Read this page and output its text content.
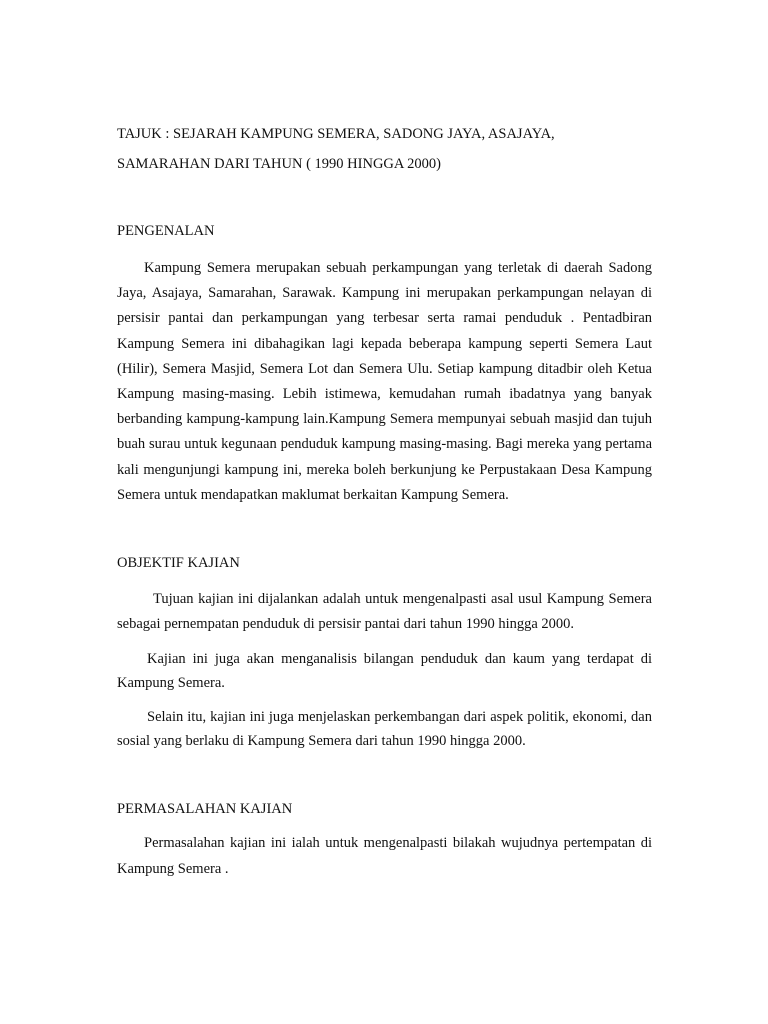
TAJUK : SEJARAH KAMPUNG SEMERA, SADONG JAYA, ASAJAYA,

SAMARAHAN DARI TAHUN ( 1990 HINGGA 2000)

PENGENALAN

Kampung Semera merupakan sebuah perkampungan yang terletak di daerah Sadong Jaya, Asajaya, Samarahan, Sarawak. Kampung ini merupakan perkampungan nelayan di persisir pantai dan perkampungan yang terbesar serta ramai penduduk . Pentadbiran Kampung Semera ini dibahagikan lagi kepada beberapa kampung seperti Semera Laut (Hilir), Semera Masjid, Semera Lot dan Semera Ulu. Setiap kampung ditadbir oleh Ketua Kampung masing-masing. Lebih istimewa, kemudahan rumah ibadatnya yang banyak berbanding kampung-kampung lain.Kampung Semera mempunyai sebuah masjid dan tujuh buah surau untuk kegunaan penduduk kampung masing-masing. Bagi mereka yang pertama kali mengunjungi kampung ini, mereka boleh berkunjung ke Perpustakaan Desa Kampung Semera untuk mendapatkan maklumat berkaitan Kampung Semera.

OBJEKTIF KAJIAN

Tujuan kajian ini dijalankan adalah untuk mengenalpasti asal usul Kampung Semera sebagai pernempatan penduduk di persisir pantai dari tahun 1990 hingga 2000.

Kajian ini juga akan menganalisis bilangan penduduk dan kaum yang terdapat di Kampung Semera.

Selain itu, kajian ini juga menjelaskan perkembangan dari aspek politik, ekonomi, dan sosial yang berlaku di Kampung Semera dari tahun 1990 hingga 2000.

PERMASALAHAN KAJIAN

Permasalahan kajian ini ialah untuk mengenalpasti bilakah wujudnya pertempatan di Kampung Semera .
